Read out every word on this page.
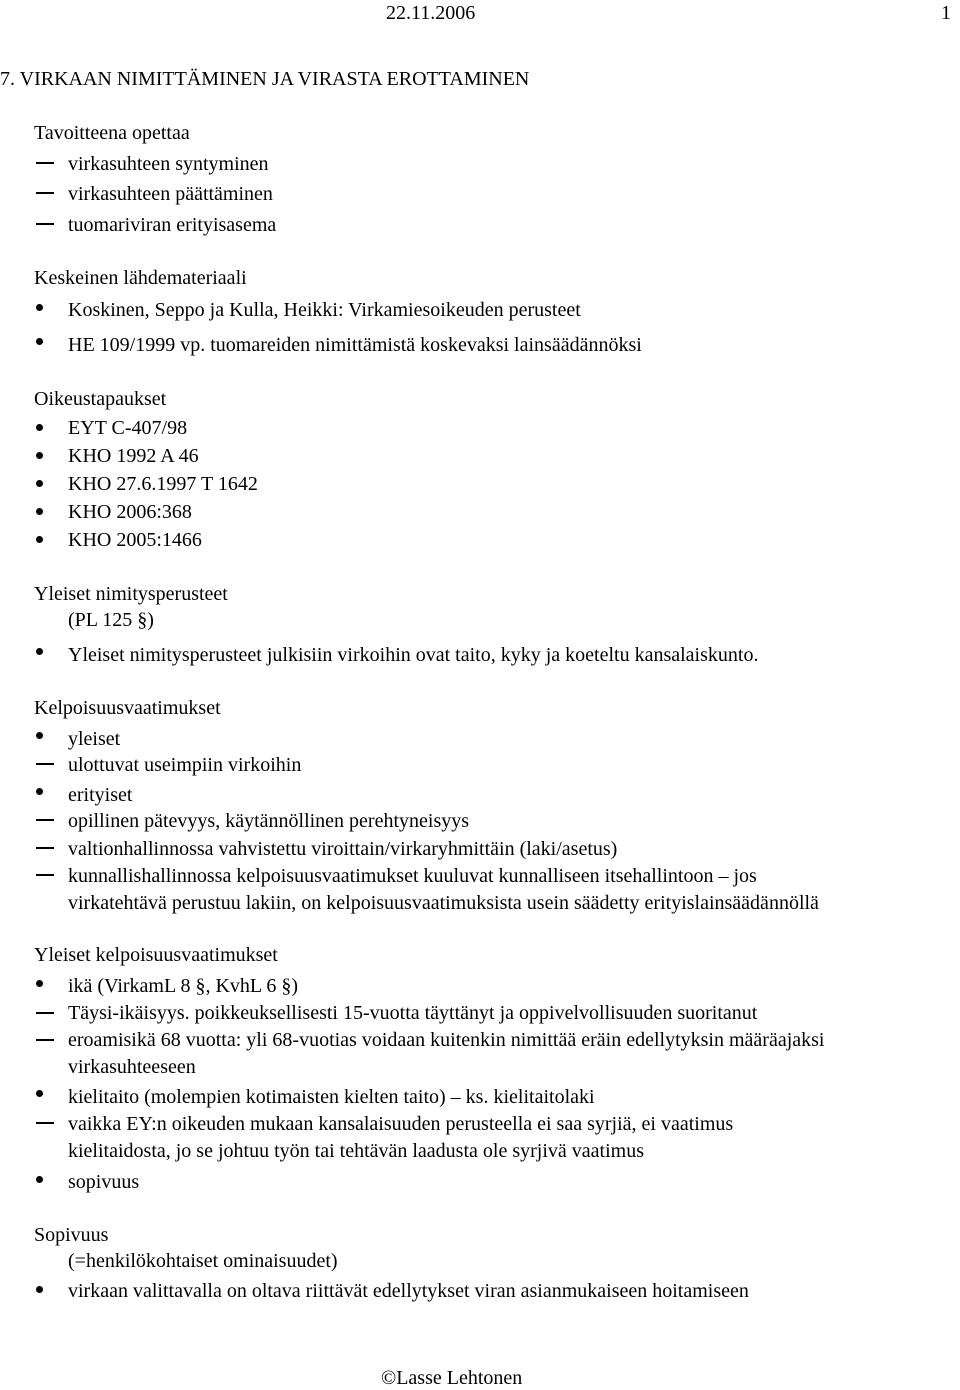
22.11.2006	1
7. VIRKAAN NIMITTÄMINEN JA VIRASTA EROTTAMINEN
Tavoitteena opettaa
virkasuhteen syntyminen
virkasuhteen päättäminen
tuomariviran erityisasema
Keskeinen lähdemateriaali
Koskinen, Seppo ja Kulla, Heikki: Virkamiesoikeuden perusteet
HE 109/1999 vp. tuomareiden nimittämistä koskevaksi lainsäädännöksi
Oikeustapaukset
EYT C-407/98
KHO 1992 A 46
KHO 27.6.1997 T 1642
KHO 2006:368
KHO 2005:1466
Yleiset nimitysperusteet
(PL 125 §)
Yleiset nimitysperusteet julkisiin virkoihin ovat taito, kyky ja koeteltu kansalaiskunto.
Kelpoisuusvaatimukset
yleiset
ulottuvat useimpiin virkoihin
erityiset
opillinen pätevyys, käytännöllinen perehtyneisyys
valtionhallinnossa vahvistettu viroittain/virkaryhmittäin (laki/asetus)
kunnallishallinnossa kelpoisuusvaatimukset kuuluvat kunnalliseen itsehallintoon – jos
virkatehtävä perustuu lakiin, on kelpoisuusvaatimuksista usein säädetty erityislainsäädännöllä
Yleiset kelpoisuusvaatimukset
ikä (VirkamL 8 §, KvhL 6 §)
Täysi-ikäisyys. poikkeuksellisesti 15-vuotta täyttänyt ja oppivelvollisuuden suoritanut
eroamisikä 68 vuotta: yli 68-vuotias voidaan kuitenkin nimittää eräin edellytyksin määräajaksi
virkasuhteeseen
kielitaito (molempien kotimaisten kielten taito) – ks. kielitaitolaki
vaikka EY:n oikeuden mukaan kansalaisuuden perusteella ei saa syrjiä, ei vaatimus
kielitaidosta, jo se johtuu työn tai tehtävän laadusta ole syrjivä vaatimus
sopivuus
Sopivuus
(=henkilökohtaiset ominaisuudet)
virkaan valittavalla on oltava riittävät edellytykset viran asianmukaiseen hoitamiseen
©Lasse Lehtonen
